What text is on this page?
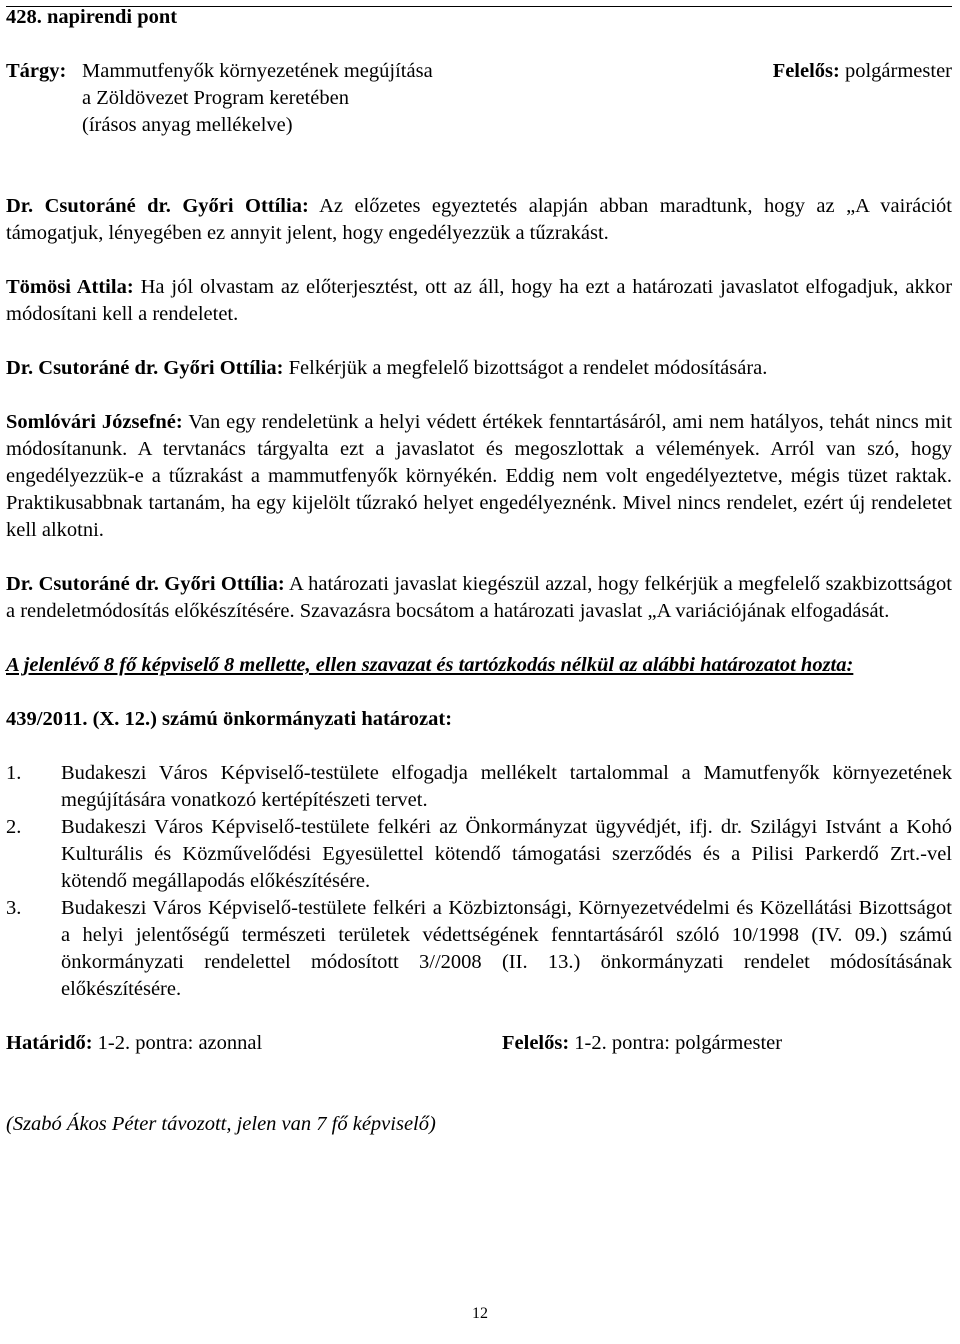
428. napirendi pont

Tárgy: Mammutfenyők környezetének megújítása
a Zöldövezet Program keretében
(írásos anyag mellékelve)
Felelős: polgármester

Dr. Csutoráné dr. Győri Ottília: Az előzetes egyeztetés alapján abban maradtunk, hogy az „A vairációt támogatjuk, lényegében ez annyit jelent, hogy engedélyezzük a tűzrakást.

Tömösi Attila: Ha jól olvastam az előterjesztést, ott az áll, hogy ha ezt a határozati javaslatot elfogadjuk, akkor módosítani kell a rendeletet.

Dr. Csutoráné dr. Győri Ottília: Felkérjük a megfelelő bizottságot a rendelet módosítására.

Somlóvári Józsefné: Van egy rendeletünk a helyi védett értékek fenntartásáról, ami nem hatályos, tehát nincs mit módosítanunk. A tervtanács tárgyalta ezt a javaslatot és megoszlottak a vélemények. Arról van szó, hogy engedélyezzük-e a tűzrakást a mammutfenyők környékén. Eddig nem volt engedélyeztetve, mégis tüzet raktak. Praktikusabbnak tartanám, ha egy kijelölt tűzrakó helyet engedélyeznénk. Mivel nincs rendelet, ezért új rendeletet kell alkotni.

Dr. Csutoráné dr. Győri Ottília: A határozati javaslat kiegészül azzal, hogy felkérjük a megfelelő szakbizottságot a rendeletmódosítás előkészítésére. Szavazásra bocsátom a határozati javaslat „A variációjának elfogadását.

A jelenlévő 8 fő képviselő 8 mellette, ellen szavazat és tartózkodás nélkül az alábbi határozatot hozta:

439/2011. (X. 12.) számú önkormányzati határozat:

1.	Budakeszi Város Képviselő-testülete elfogadja mellékelt tartalommal a Mamutfenyők környezetének megújítására vonatkozó kertépítészeti tervet.
2.	Budakeszi Város Képviselő-testülete felkéri az Önkormányzat ügyvédjét, ifj. dr. Szilágyi Istvánt a Kohó Kulturális és Közművelődési Egyesülettel kötendő támogatási szerződés és a Pilisi Parkerdő Zrt.-vel kötendő megállapodás előkészítésére.
3.	Budakeszi Város Képviselő-testülete felkéri a Közbiztonsági, Környezetvédelmi és Közellátási Bizottságot a helyi jelentőségű természeti területek védettségének fenntartásáról szóló 10/1998 (IV. 09.) számú önkormányzati rendelettel módosított 3//2008 (II. 13.) önkormányzati rendelet módosításának előkészítésére.
Határidő: 1-2. pontra: azonnal	Felelős: 1-2. pontra: polgármester

(Szabó Ákos Péter távozott, jelen van 7 fő képviselő)

12
